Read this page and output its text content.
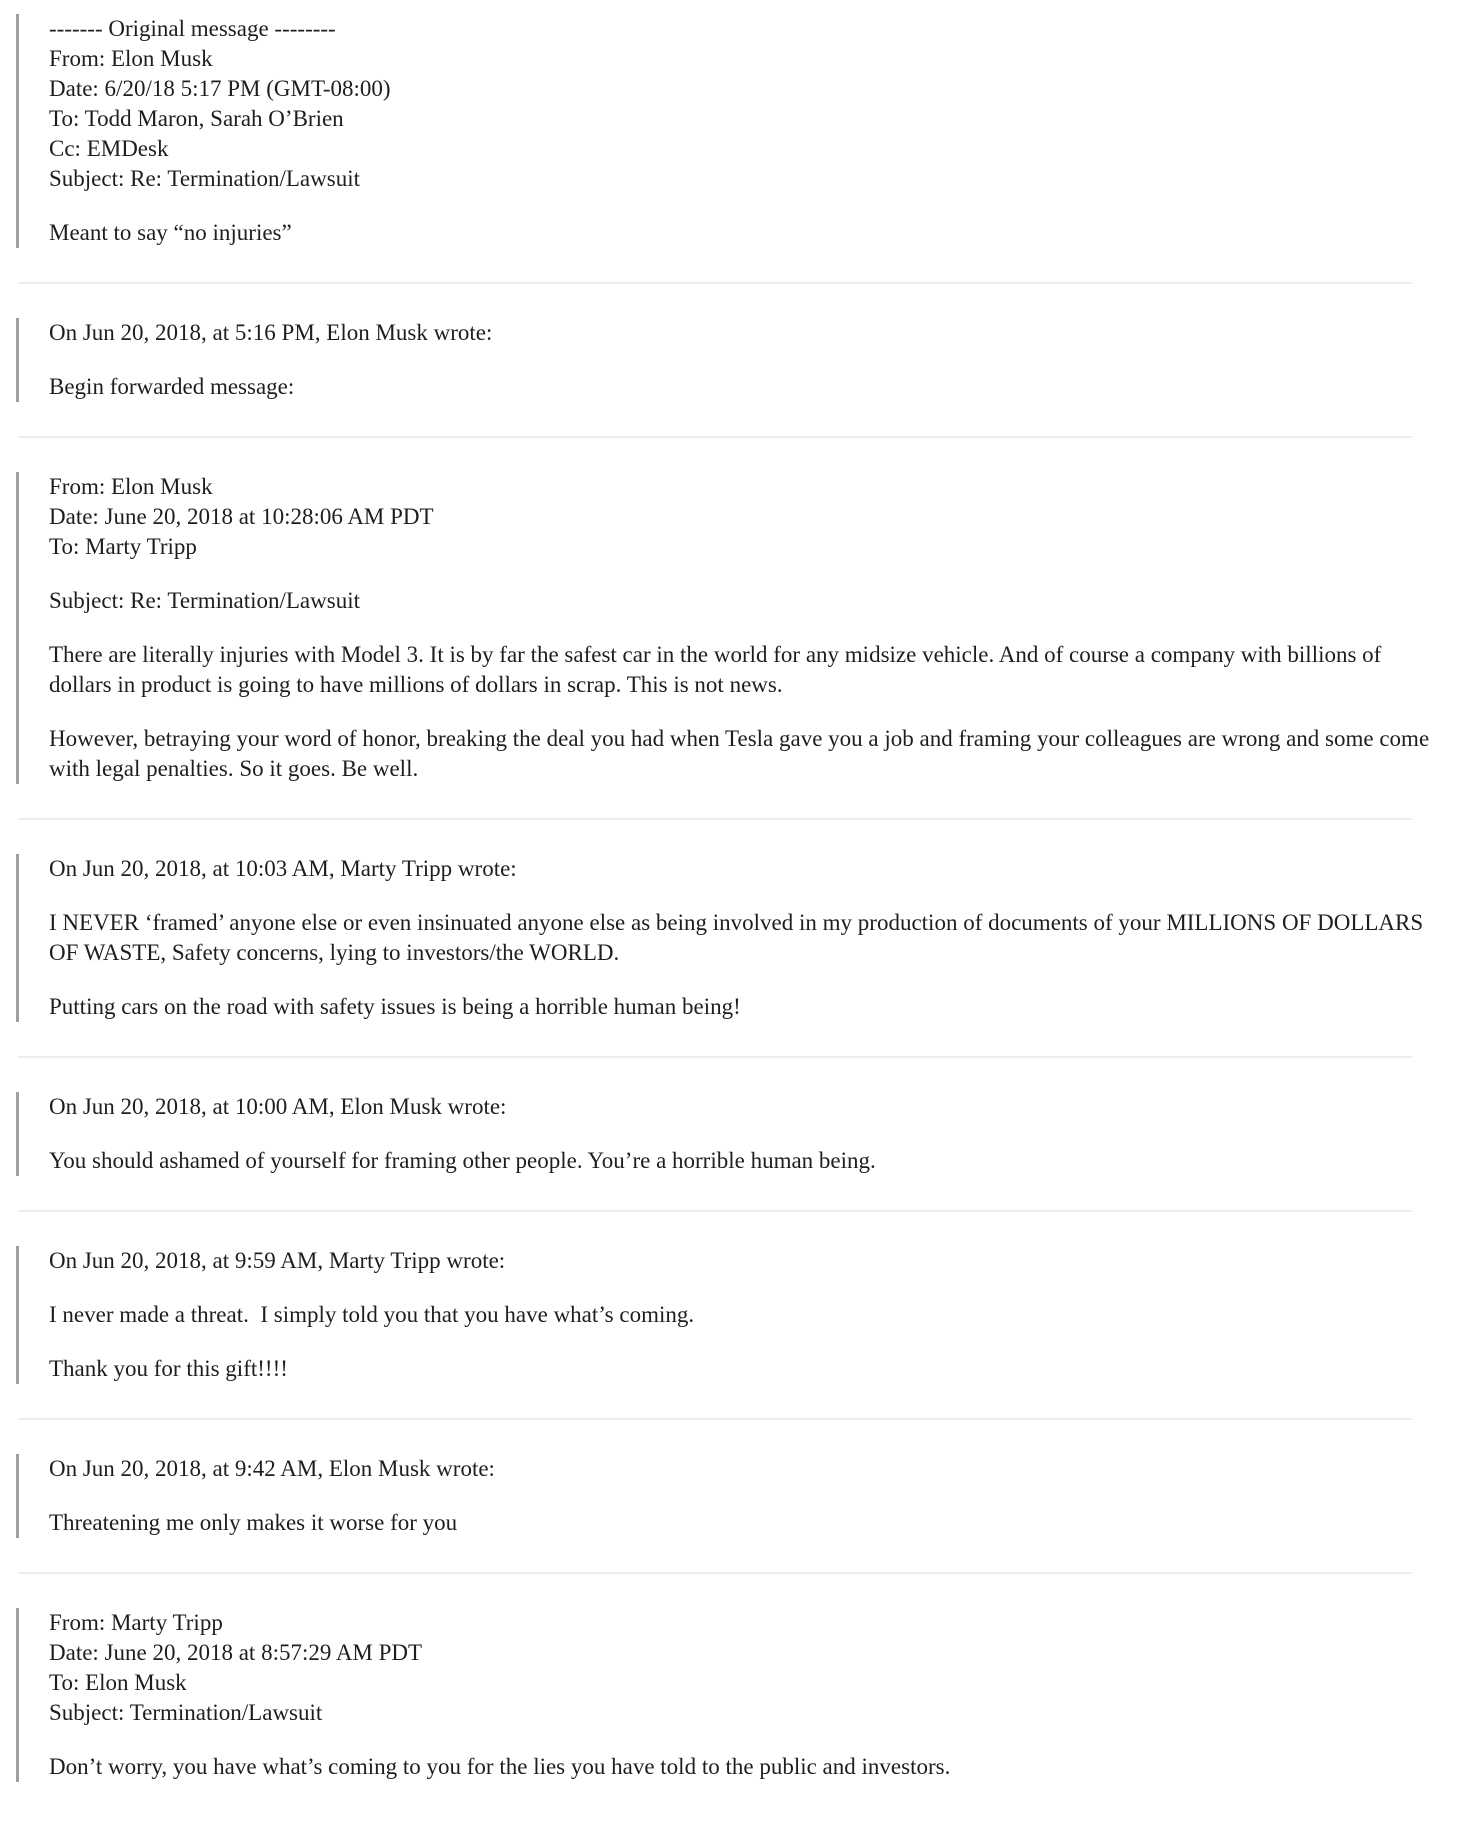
------- Original message --------

From: Elon Musk

Date: 6/20/18 5:17 PM (GMT-08:00)

To: Todd Maron, Sarah O’Brien

Cc: EMDesk

Subject: Re: Termination/Lawsuit

Meant to say “no injuries”

On Jun 20, 2018, at 5:16 PM, Elon Musk wrote:

Begin forwarded message:

From: Elon Musk

Date: June 20, 2018 at 10:28:06 AM PDT

To: Marty Tripp

Subject: Re: Termination/Lawsuit

There are literally injuries with Model 3. It is by far the safest car in the world for any midsize vehicle. And of course a company with billions of dollars in product is going to have millions of dollars in scrap. This is not news.

However, betraying your word of honor, breaking the deal you had when Tesla gave you a job and framing your colleagues are wrong and some come with legal penalties. So it goes. Be well.

On Jun 20, 2018, at 10:03 AM, Marty Tripp wrote:

I NEVER ‘framed’ anyone else or even insinuated anyone else as being involved in my production of documents of your MILLIONS OF DOLLARS OF WASTE, Safety concerns, lying to investors/the WORLD.

Putting cars on the road with safety issues is being a horrible human being!

On Jun 20, 2018, at 10:00 AM, Elon Musk wrote:

You should ashamed of yourself for framing other people. You’re a horrible human being.

On Jun 20, 2018, at 9:59 AM, Marty Tripp wrote:

I never made a threat.  I simply told you that you have what’s coming.

Thank you for this gift!!!!

On Jun 20, 2018, at 9:42 AM, Elon Musk wrote:

Threatening me only makes it worse for you

From: Marty Tripp

Date: June 20, 2018 at 8:57:29 AM PDT

To: Elon Musk

Subject: Termination/Lawsuit

Don’t worry, you have what’s coming to you for the lies you have told to the public and investors.
